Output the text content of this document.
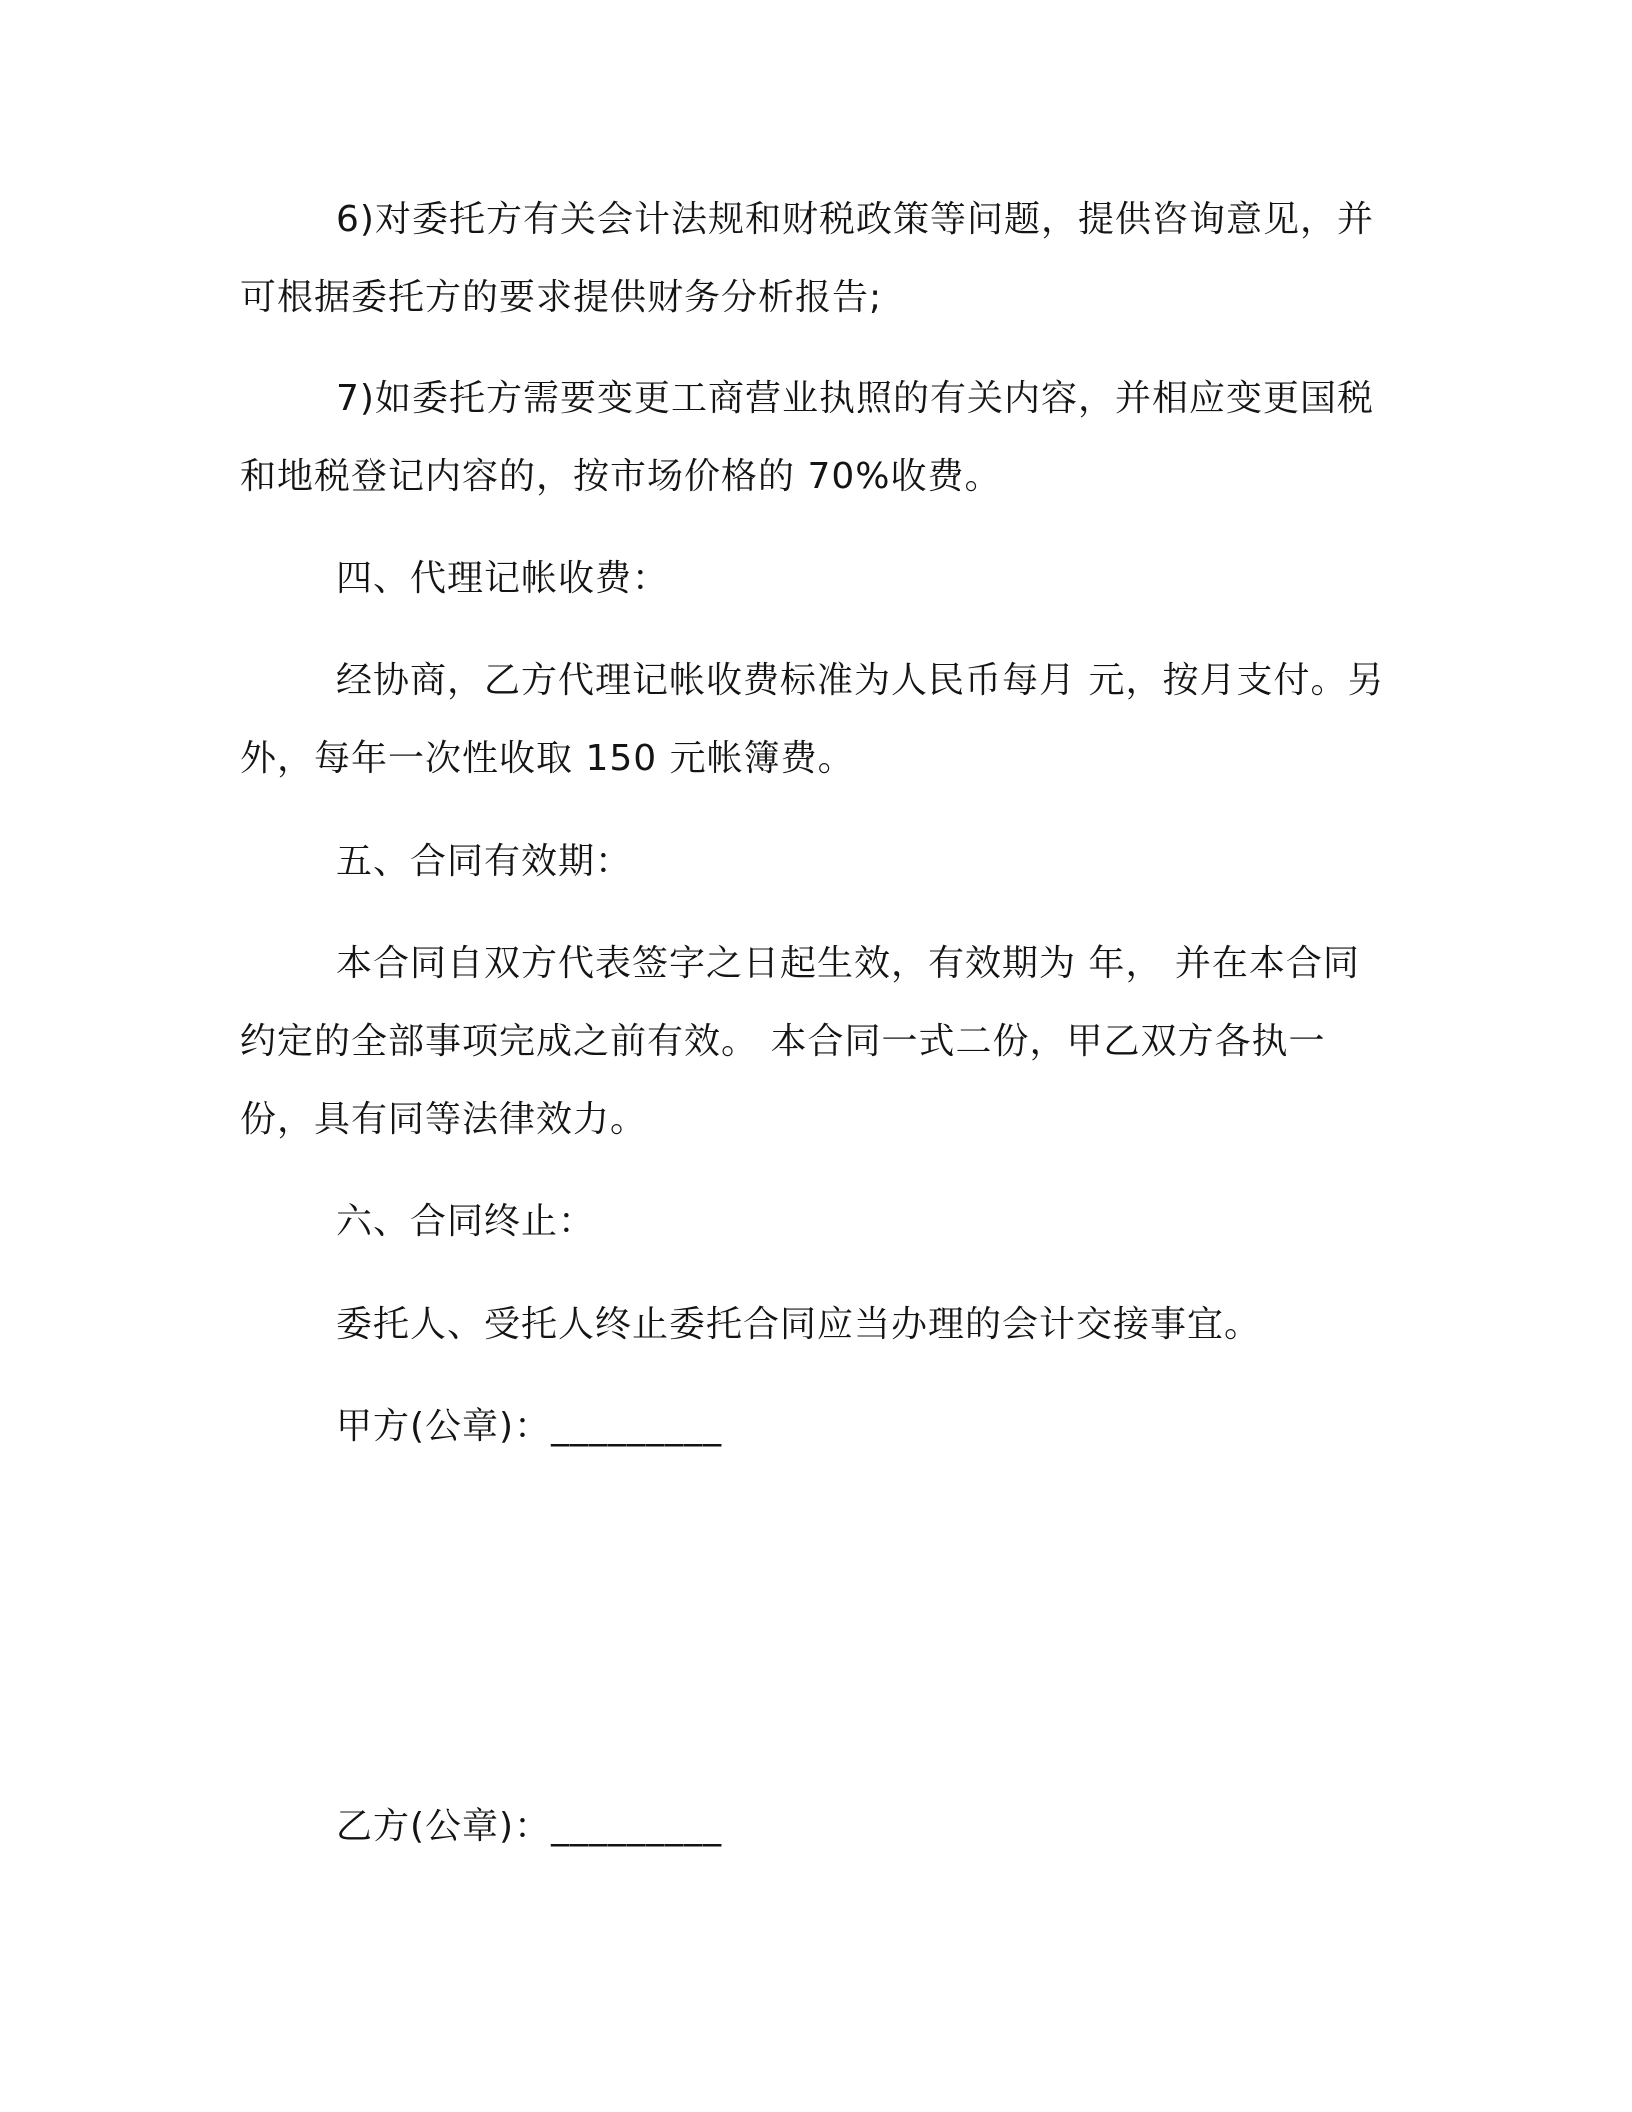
6)对委托方有关会计法规和财税政策等问题，提供咨询意见，并可根据委托方的要求提供财务分析报告;

7)如委托方需要变更工商营业执照的有关内容，并相应变更国税和地税登记内容的，按市场价格的 70%收费。

四、代理记帐收费：

经协商，乙方代理记帐收费标准为人民币每月 元，按月支付。另外，每年一次性收取 150 元帐簿费。

五、合同有效期：

本合同自双方代表签字之日起生效，有效期为 年， 并在本合同约定的全部事项完成之前有效。 本合同一式二份，甲乙双方各执一份，具有同等法律效力。

六、合同终止：

委托人、受托人终止委托合同应当办理的会计交接事宜。

甲方(公章)：_________

乙方(公章)：_________
